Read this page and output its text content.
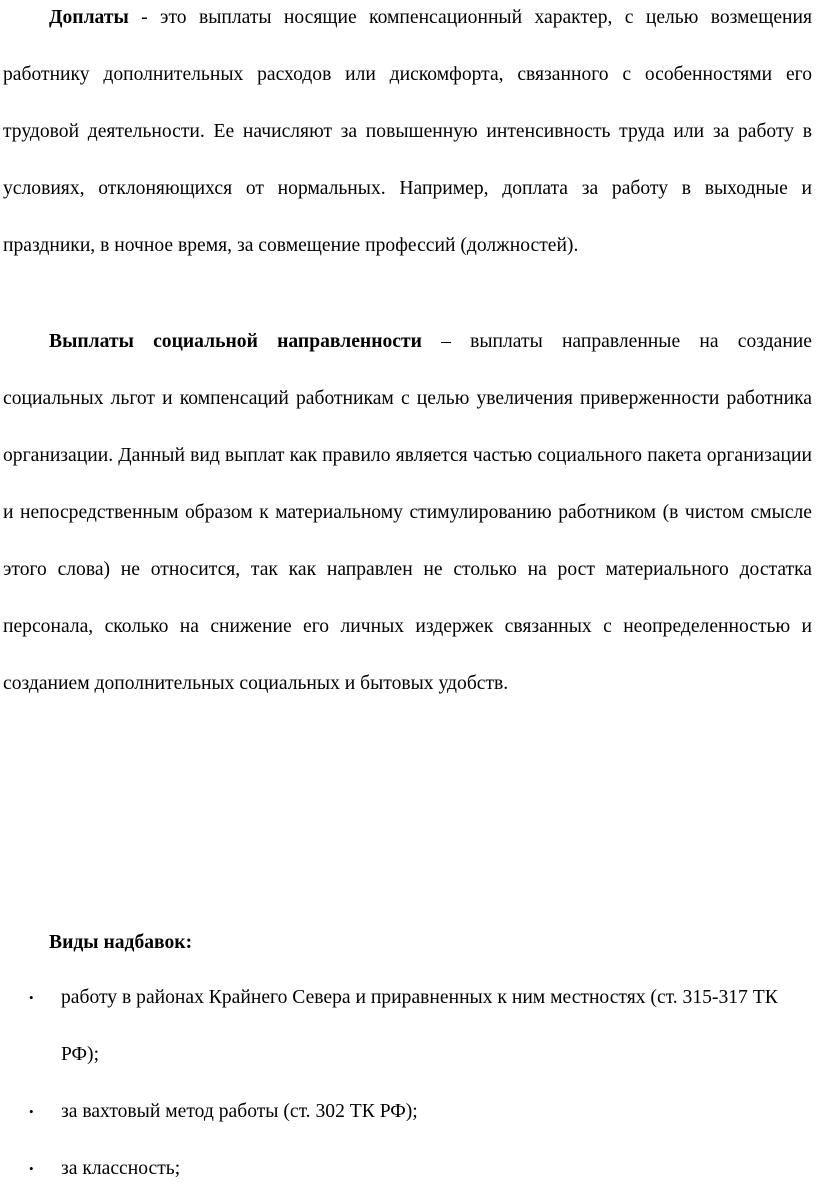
Доплаты - это выплаты носящие компенсационный характер, с целью возмещения работнику дополнительных расходов или дискомфорта, связанного с особенностями его трудовой деятельности. Ее начисляют за повышенную интенсивность труда или за работу в условиях, отклоняющихся от нормальных. Например, доплата за работу в выходные и праздники, в ночное время, за совмещение профессий (должностей).

Выплаты социальной направленности – выплаты направленные на создание социальных льгот и компенсаций работникам с целью увеличения приверженности работника организации. Данный вид выплат как правило является частью социального пакета организации и непосредственным образом к материальному стимулированию работником (в чистом смысле этого слова) не относится, так как направлен не столько на рост материального достатка персонала, сколько на снижение его личных издержек связанных с неопределенностью и созданием дополнительных социальных и бытовых удобств.

Виды надбавок:
• работу в районах Крайнего Севера и приравненных к ним местностях (ст. 315-317 ТК РФ);
• за вахтовый метод работы (ст. 302 ТК РФ);
• за классность;
